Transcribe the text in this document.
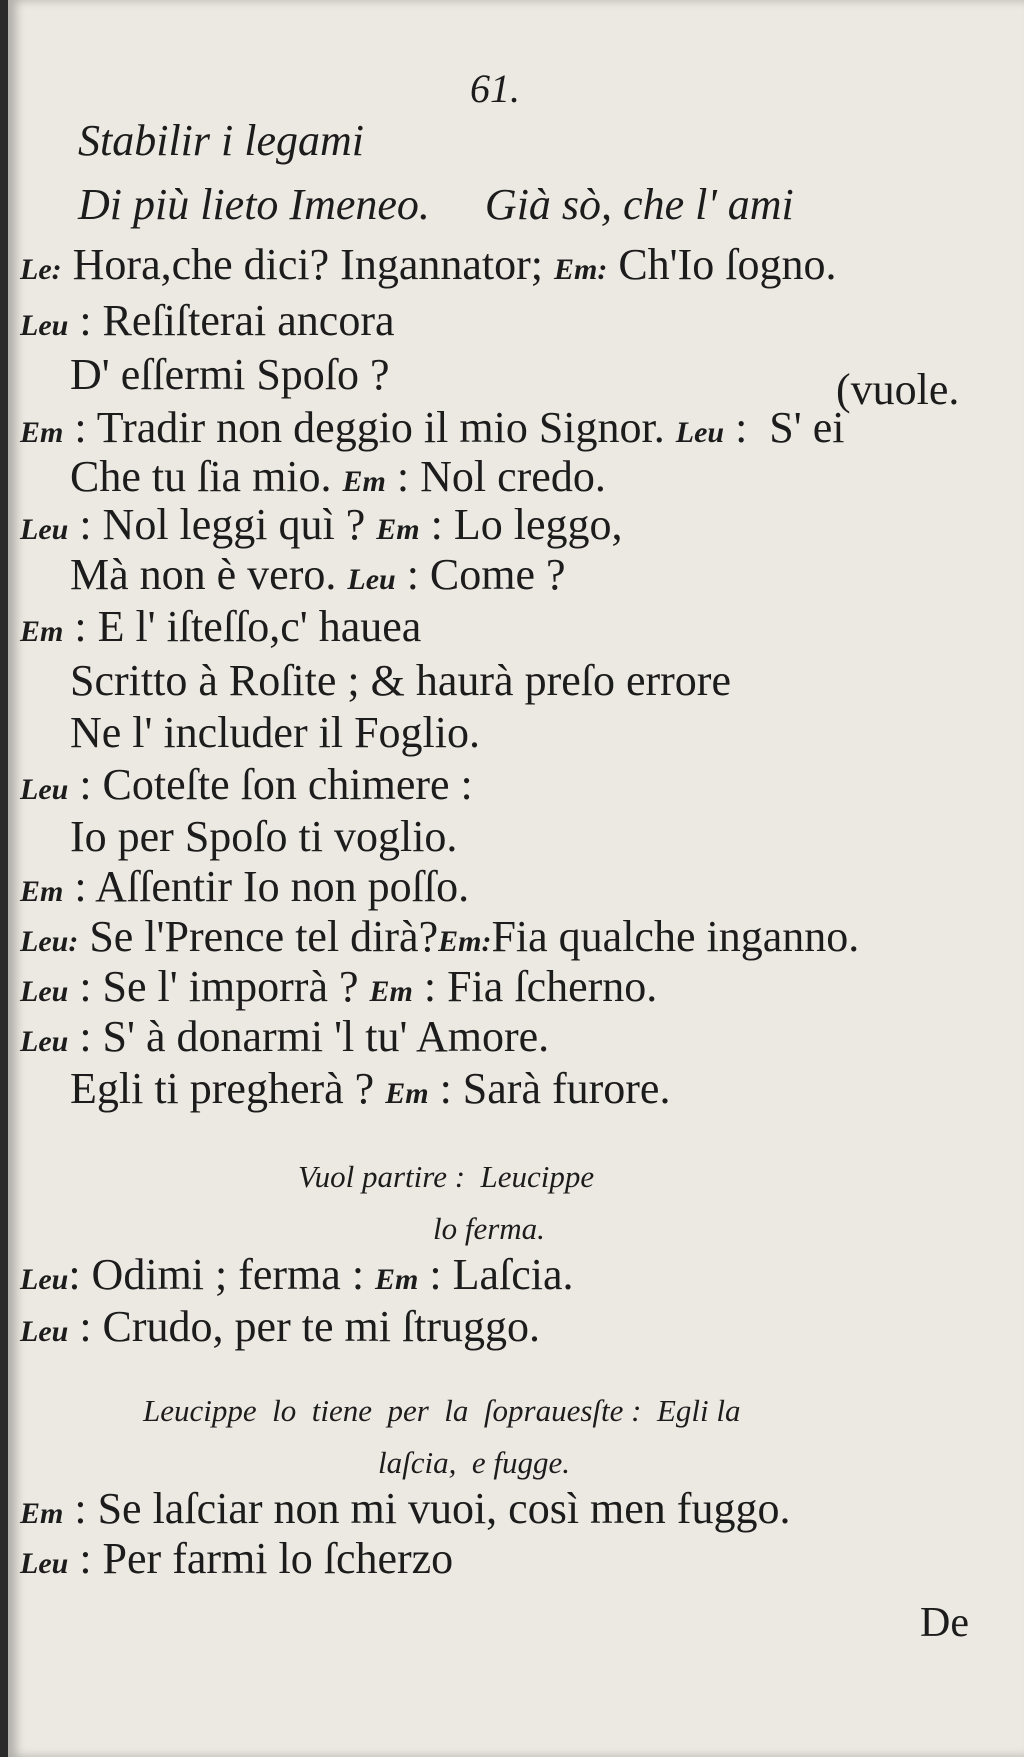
61.
Stabilir i legami
Di più lieto Imeneo.     Già sò, che l' ami
Le: Hora,che dici? Ingannator; Em: Ch'Io ſogno.
Leu : Reſiſterai ancora
D' eſſermi Spoſo ?	(vuole.
Em : Tradir non deggio il mio Signor. Leu :  S' ei
Che tu ſia mio. Em : Nol credo.
Leu : Nol leggi quì ? Em : Lo leggo,
Mà non è vero. Leu : Come ?
Em : E l' iſteſſo,c' hauea
Scritto à Roſite ; & haurà preſo errore
Ne l' includer il Foglio.
Leu : Coteſte ſon chimere :
Io per Spoſo ti voglio.
Em : Aſſentir Io non poſſo.
Leu: Se l'Prence tel dirà?Em:Fia qualche inganno.
Leu : Se l' imporrà ? Em : Fia ſcherno.
Leu : S' à donarmi 'l tu' Amore.
Egli ti pregherà ? Em : Sarà furore.
Vuol partire :  Leucippe
lo ferma.
Leu: Odimi ; ferma : Em : Laſcia.
Leu : Crudo, per te mi ſtruggo.
Leucippe  lo  tiene  per  la  ſoprauesſte :  Egli la
laſcia,  e fugge.
Em : Se laſciar non mi vuoi, così men fuggo.
Leu : Per farmi lo ſcherzo
De
